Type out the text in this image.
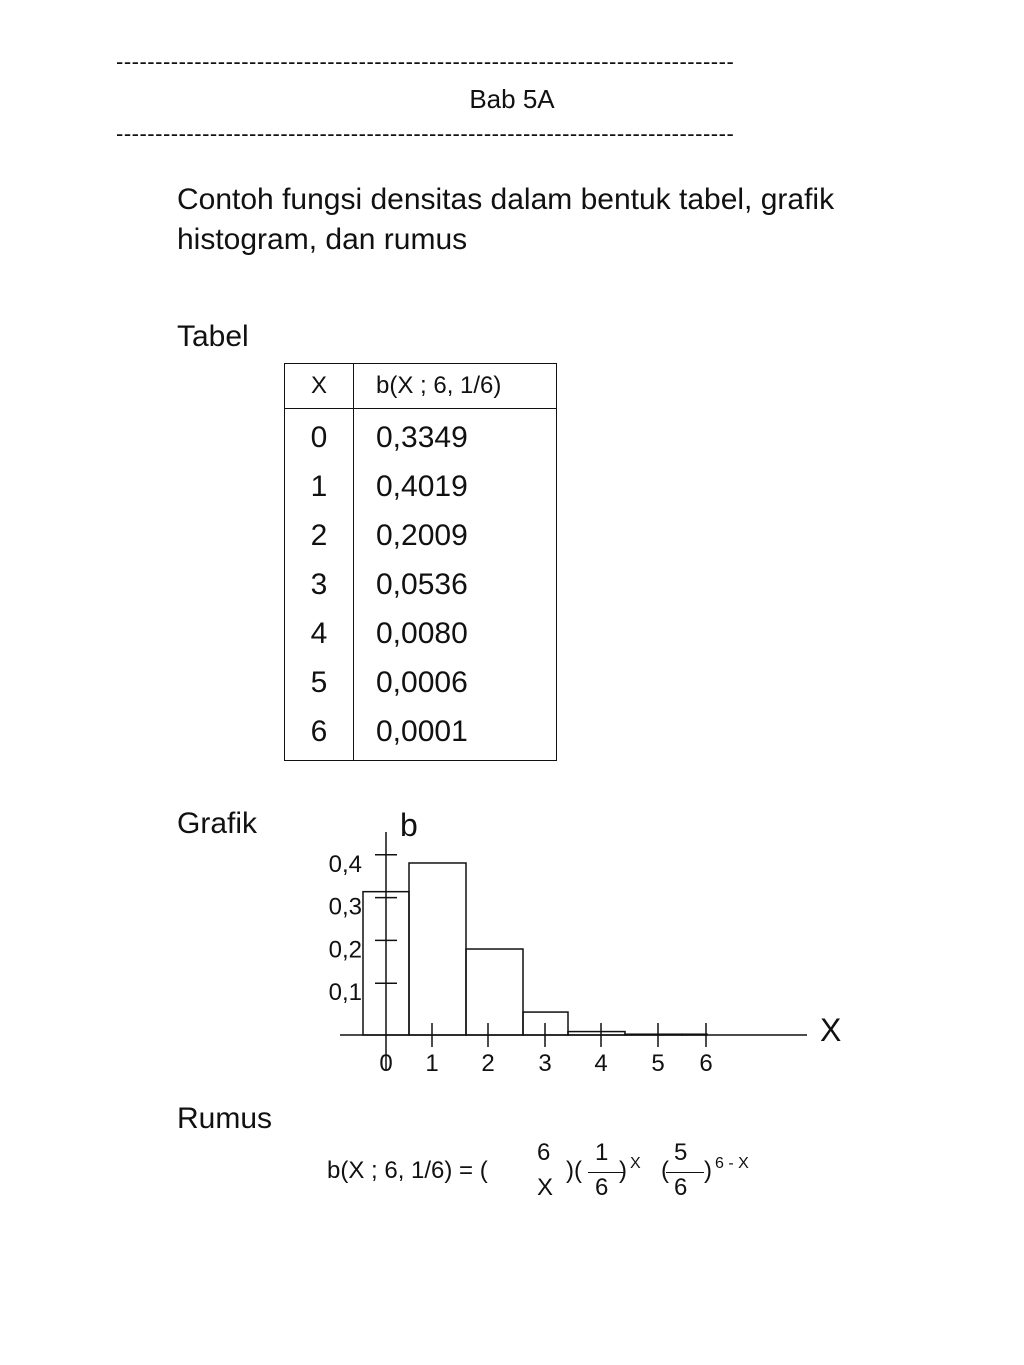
-------------------------------------------------------------------------------
Bab 5A
-------------------------------------------------------------------------------
Contoh fungsi densitas dalam bentuk tabel, grafik histogram, dan rumus
Tabel
X	b(X ; 6, 1/6)
0	0,3349
1	0,4019
2	0,2009
3	0,0536
4	0,0080
5	0,0006
6	0,0001
Grafik
0,1
0,2
0,3
0,4
0 1 2 3 4 5 6
b
X
Rumus
b(X ; 6, 1/6) = (
6
X
)(
1
6
) X (
5
6
) 6 - X
